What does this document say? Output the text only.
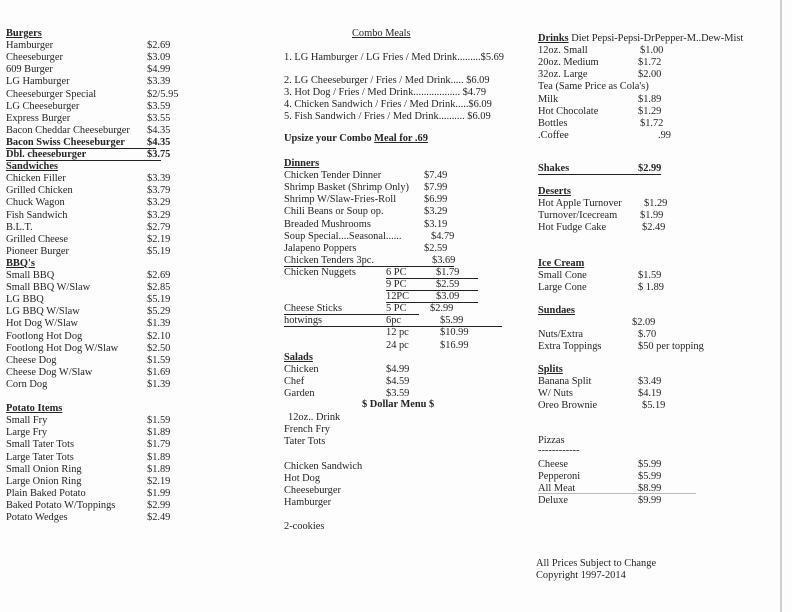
Burgers
Hamburger	$2.69
Cheeseburger	$3.09
609 Burger	$4.99
LG Hamburger	$3.39
Cheeseburger Special	$2/5.95
LG Cheeseburger	$3.59
Express Burger	$3.55
Bacon Cheddar Cheeseburger $4.35
Bacon Swiss Cheeseburger $4.35
Dbl. cheeseburger	$3.75
Sandwiches
Chicken Filler	$3.39
Grilled Chicken	$3.79
Chuck Wagon	$3.29
Fish Sandwich	$3.29
B.L.T.	$2.79
Grilled Cheese	$2.19
Pioneer Burger	$5.19
BBQ's
Small BBQ	$2.69
Small BBQ W/Slaw	$2.85
LG BBQ	$5.19
LG BBQ W/Slaw	$5.29
Hot Dog W/Slaw	$1.39
Footlong Hot Dog	$2.10
Footlong Hot Dog W/Slaw	$2.50
Cheese Dog	$1.59
Cheese Dog W/Slaw	$1.69
Corn Dog	$1.39
Potato Items
Small Fry	$1.59
Large Fry	$1.89
Small Tater Tots	$1.79
Large Tater Tots	$1.89
Small Onion Ring	$1.89
Large Onion Ring	$2.19
Plain Baked Potato	$1.99
Baked Potato W/Toppings	$2.99
Potato Wedges	$2.49
Combo Meals
1. LG Hamburger / LG Fries / Med Drink.........$5.69
2. LG Cheeseburger / Fries / Med Drink..... $6.09
3. Hot Dog / Fries / Med Drink.................. $4.79
4. Chicken Sandwich / Fries / Med Drink.....$6.09
5. Fish Sandwich / Fries / Med Drink.......... $6.09
Upsize your Combo Meal for .69
Dinners
Chicken Tender Dinner	$7.49
Shrimp Basket (Shrimp Only) $7.99
Shrimp W/Slaw-Fries-Roll	$6.99
Chili Beans or Soup op.	$3.29
Breaded Mushrooms	$3.19
Soup Special....Seasonal......	$4.79
Jalapeno Poppers	$2.59
Chicken Tenders 3pc.	$3.69
Chicken Nuggets	6 PC	$1.79
9 PC	$2.59
12PC	$3.09
Cheese Sticks	5 PC $2.99
hotwings	6pc	$5.99
12 pc	$10.99
24 pc	$16.99
Salads
Chicken	$4.99
Chef	$4.59
Garden	$3.59
$ Dollar Menu $
12oz.. Drink
French Fry
Tater Tots
Chicken Sandwich
Hot Dog
Cheeseburger
Hamburger
2-cookies
Drinks Diet Pepsi-Pepsi-DrPepper-M..Dew-Mist
12oz. Small	$1.00
20oz. Medium	$1.72
32oz. Large	$2.00
Tea (Same Price as Cola's)
Milk	$1.89
Hot Chocolate	$1.29
Bottles	$1.72
.Coffee	.99
Shakes	$2.99
Deserts
Hot Apple Turnover $1.29
Turnover/Icecream $1.99
Hot Fudge Cake	$2.49
Ice Cream
Small Cone	$1.59
Large Cone	$ 1.89
Sundaes
$2.09
Nuts/Extra	$.70
Extra Toppings	$50 per topping
Splits
Banana Split	$3.49
W/ Nuts	$4.19
Oreo Brownie	$5.19
Pizzas
------------
Cheese	$5.99
Pepperoni	$5.99
All Meat	$8.99
Deluxe	$9.99
All Prices Subject to Change
Copyright 1997-2014
